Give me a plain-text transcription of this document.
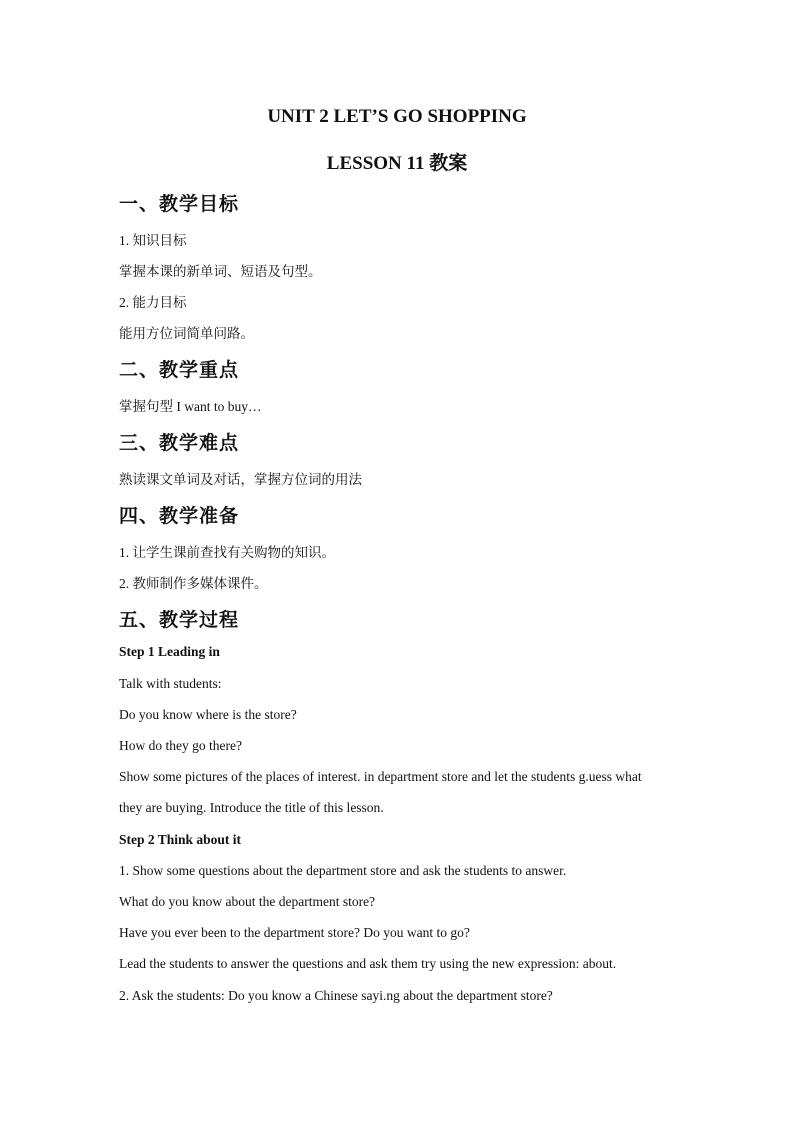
UNIT 2 LET’S GO SHOPPING
LESSON 11 教案
一、教学目标
1. 知识目标
掌握本课的新单词、短语及句型。
2. 能力目标
能用方位词简单问路。
二、教学重点
掌握句型 I want to buy…
三、教学难点
熟读课文单词及对话，掌握方位词的用法
四、教学准备
1. 让学生课前查找有关购物的知识。
2. 教师制作多媒体课件。
五、教学过程
Step 1 Leading in
Talk with students:
Do you know where is the store?
How do they go there?
Show some pictures of the places of interest. in department store and let the students g.uess what
they are buying. Introduce the title of this lesson.
Step 2 Think about it
1. Show some questions about the department store and ask the students to answer.
What do you know about the department store?
Have you ever been to the department store? Do you want to go?
Lead the students to answer the questions and ask them try using the new expression: about.
2. Ask the students: Do you know a Chinese sayi.ng about the department store?
